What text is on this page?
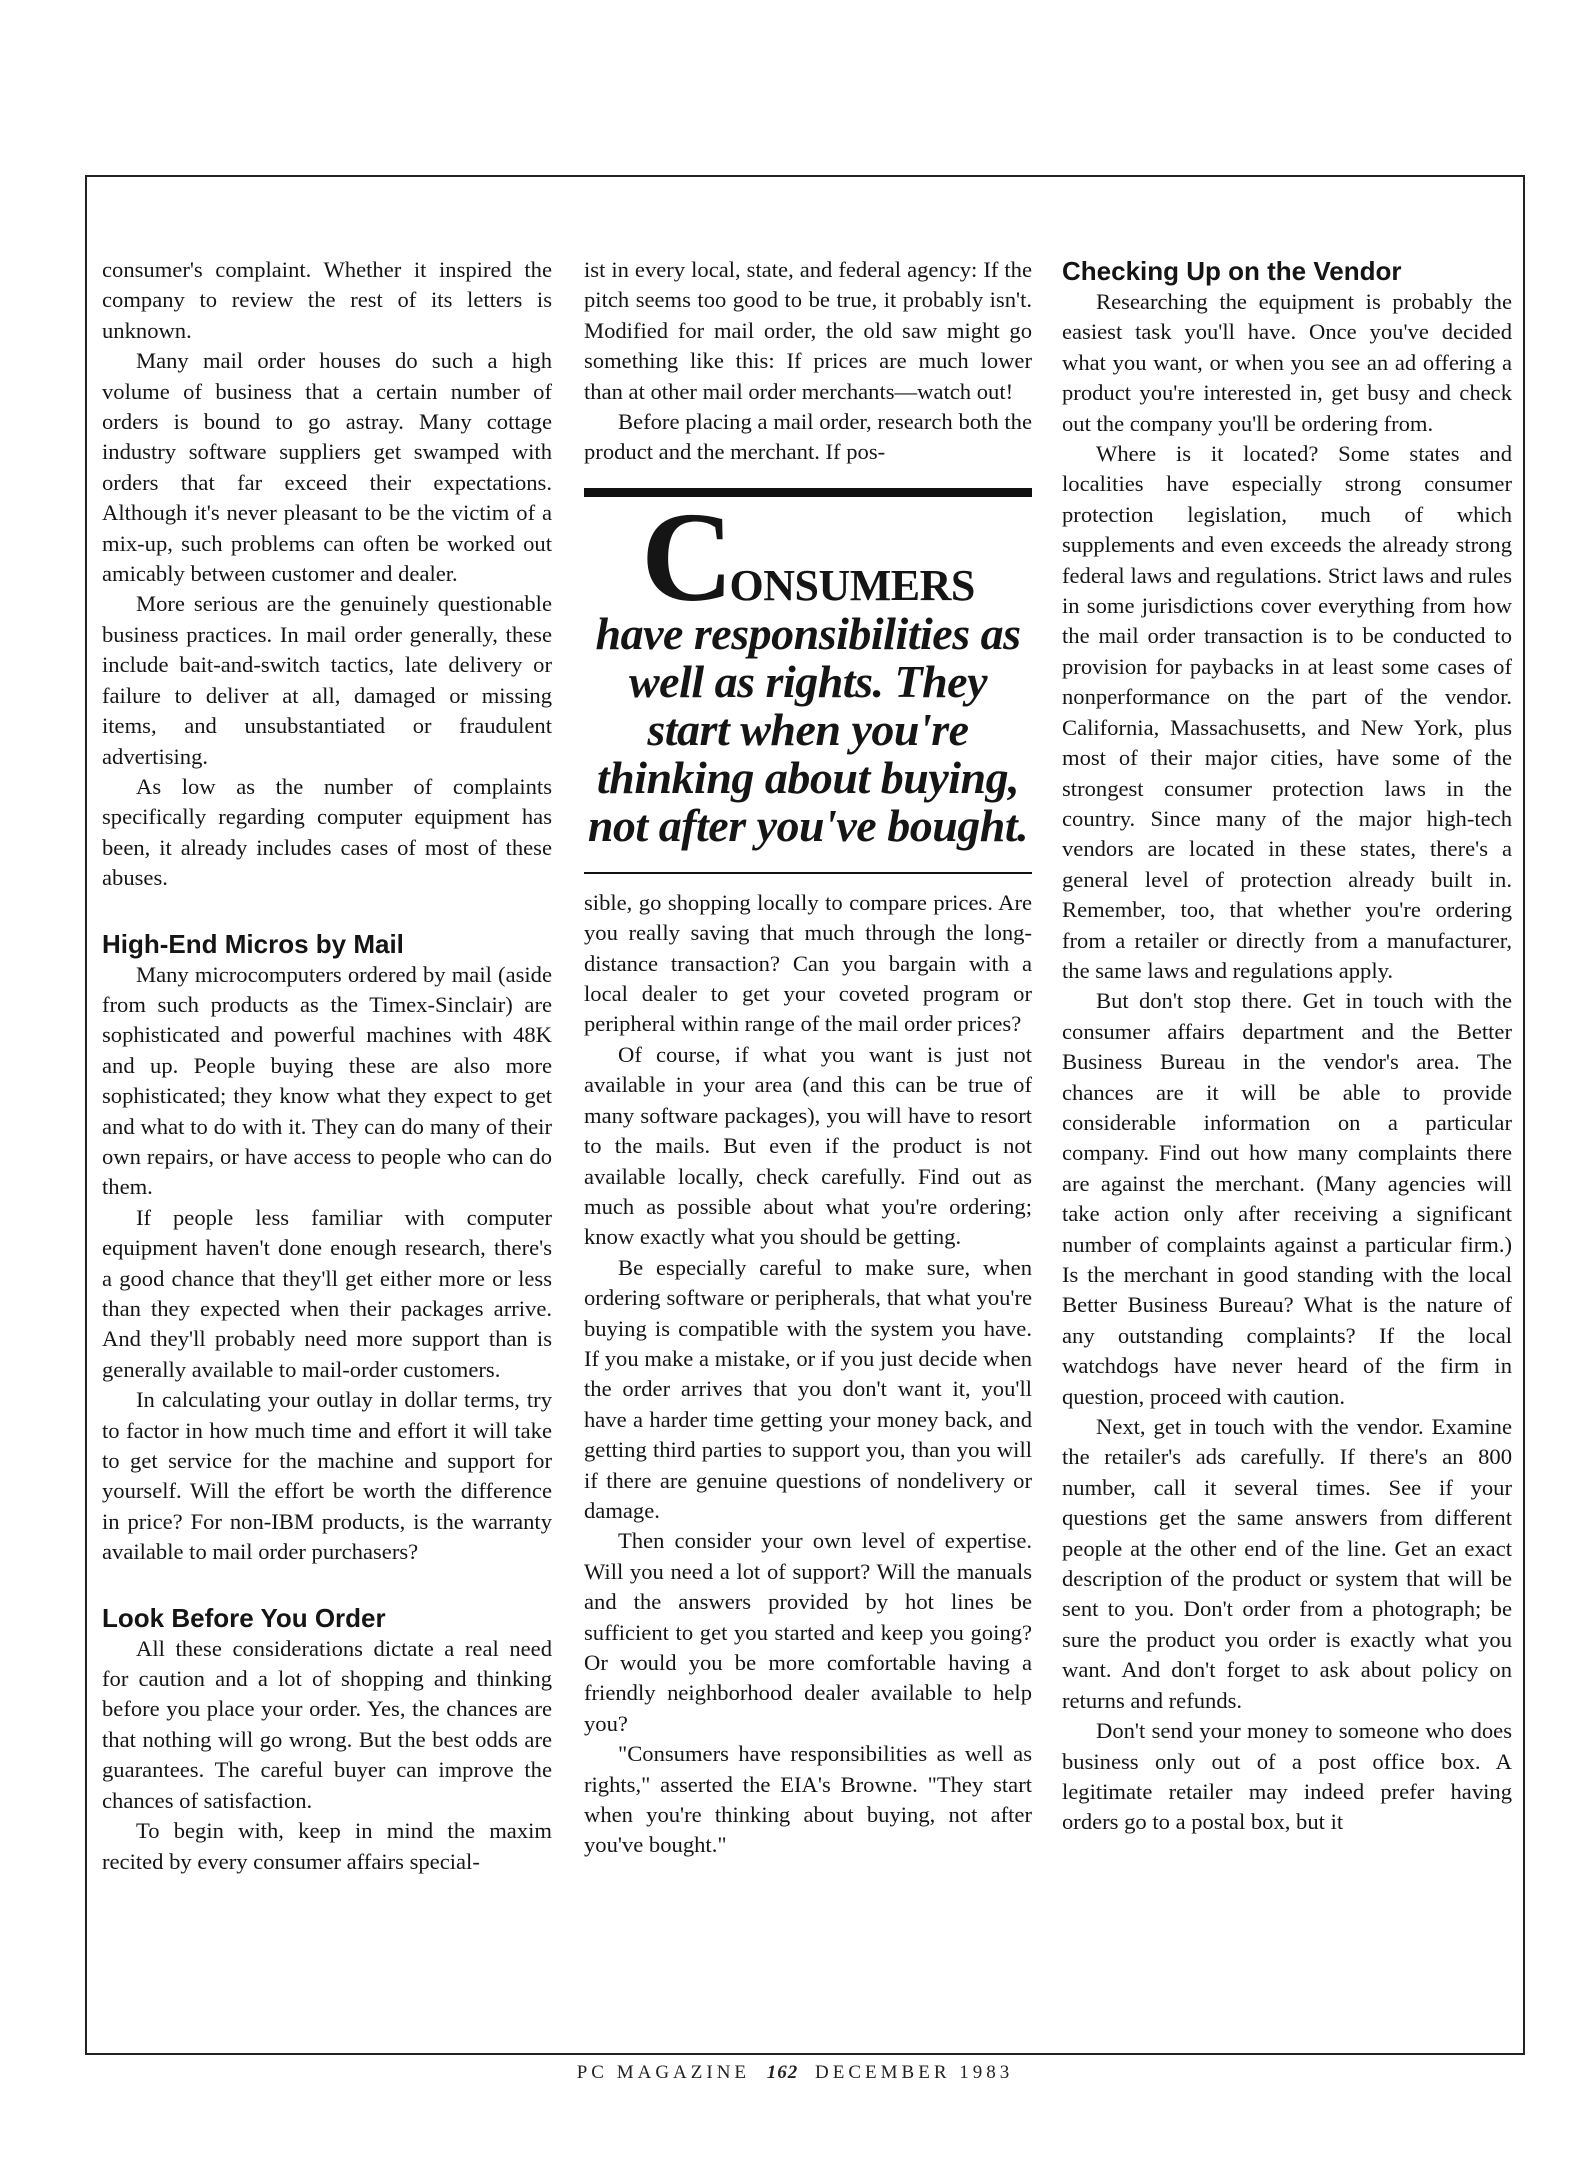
consumer's complaint. Whether it inspired the company to review the rest of its letters is unknown.

Many mail order houses do such a high volume of business that a certain number of orders is bound to go astray. Many cottage industry software suppliers get swamped with orders that far exceed their expectations. Although it's never pleasant to be the victim of a mix-up, such problems can often be worked out amicably between customer and dealer.

More serious are the genuinely questionable business practices. In mail order generally, these include bait-and-switch tactics, late delivery or failure to deliver at all, damaged or missing items, and unsubstantiated or fraudulent advertising.

As low as the number of complaints specifically regarding computer equipment has been, it already includes cases of most of these abuses.

High-End Micros by Mail

Many microcomputers ordered by mail (aside from such products as the Timex-Sinclair) are sophisticated and powerful machines with 48K and up. People buying these are also more sophisticated; they know what they expect to get and what to do with it. They can do many of their own repairs, or have access to people who can do them.

If people less familiar with computer equipment haven't done enough research, there's a good chance that they'll get either more or less than they expected when their packages arrive. And they'll probably need more support than is generally available to mail-order customers.

In calculating your outlay in dollar terms, try to factor in how much time and effort it will take to get service for the machine and support for yourself. Will the effort be worth the difference in price? For non-IBM products, is the warranty available to mail order purchasers?

Look Before You Order

All these considerations dictate a real need for caution and a lot of shopping and thinking before you place your order. Yes, the chances are that nothing will go wrong. But the best odds are guarantees. The careful buyer can improve the chances of satisfaction.

To begin with, keep in mind the maxim recited by every consumer affairs special-

ist in every local, state, and federal agency: If the pitch seems too good to be true, it probably isn't. Modified for mail order, the old saw might go something like this: If prices are much lower than at other mail order merchants—watch out!

Before placing a mail order, research both the product and the merchant. If pos-

CONSUMERS
have responsibilities as well as rights. They start when you're thinking about buying, not after you've bought.

sible, go shopping locally to compare prices. Are you really saving that much through the long-distance transaction? Can you bargain with a local dealer to get your coveted program or peripheral within range of the mail order prices?

Of course, if what you want is just not available in your area (and this can be true of many software packages), you will have to resort to the mails. But even if the product is not available locally, check carefully. Find out as much as possible about what you're ordering; know exactly what you should be getting.

Be especially careful to make sure, when ordering software or peripherals, that what you're buying is compatible with the system you have. If you make a mistake, or if you just decide when the order arrives that you don't want it, you'll have a harder time getting your money back, and getting third parties to support you, than you will if there are genuine questions of nondelivery or damage.

Then consider your own level of expertise. Will you need a lot of support? Will the manuals and the answers provided by hot lines be sufficient to get you started and keep you going? Or would you be more comfortable having a friendly neighborhood dealer available to help you?

"Consumers have responsibilities as well as rights," asserted the EIA's Browne. "They start when you're thinking about buying, not after you've bought."

Checking Up on the Vendor

Researching the equipment is probably the easiest task you'll have. Once you've decided what you want, or when you see an ad offering a product you're interested in, get busy and check out the company you'll be ordering from.

Where is it located? Some states and localities have especially strong consumer protection legislation, much of which supplements and even exceeds the already strong federal laws and regulations. Strict laws and rules in some jurisdictions cover everything from how the mail order transaction is to be conducted to provision for paybacks in at least some cases of nonperformance on the part of the vendor. California, Massachusetts, and New York, plus most of their major cities, have some of the strongest consumer protection laws in the country. Since many of the major high-tech vendors are located in these states, there's a general level of protection already built in. Remember, too, that whether you're ordering from a retailer or directly from a manufacturer, the same laws and regulations apply.

But don't stop there. Get in touch with the consumer affairs department and the Better Business Bureau in the vendor's area. The chances are it will be able to provide considerable information on a particular company. Find out how many complaints there are against the merchant. (Many agencies will take action only after receiving a significant number of complaints against a particular firm.) Is the merchant in good standing with the local Better Business Bureau? What is the nature of any outstanding complaints? If the local watchdogs have never heard of the firm in question, proceed with caution.

Next, get in touch with the vendor. Examine the retailer's ads carefully. If there's an 800 number, call it several times. See if your questions get the same answers from different people at the other end of the line. Get an exact description of the product or system that will be sent to you. Don't order from a photograph; be sure the product you order is exactly what you want. And don't forget to ask about policy on returns and refunds.

Don't send your money to someone who does business only out of a post office box. A legitimate retailer may indeed prefer having orders go to a postal box, but it

PC MAGAZINE 162 DECEMBER 1983
